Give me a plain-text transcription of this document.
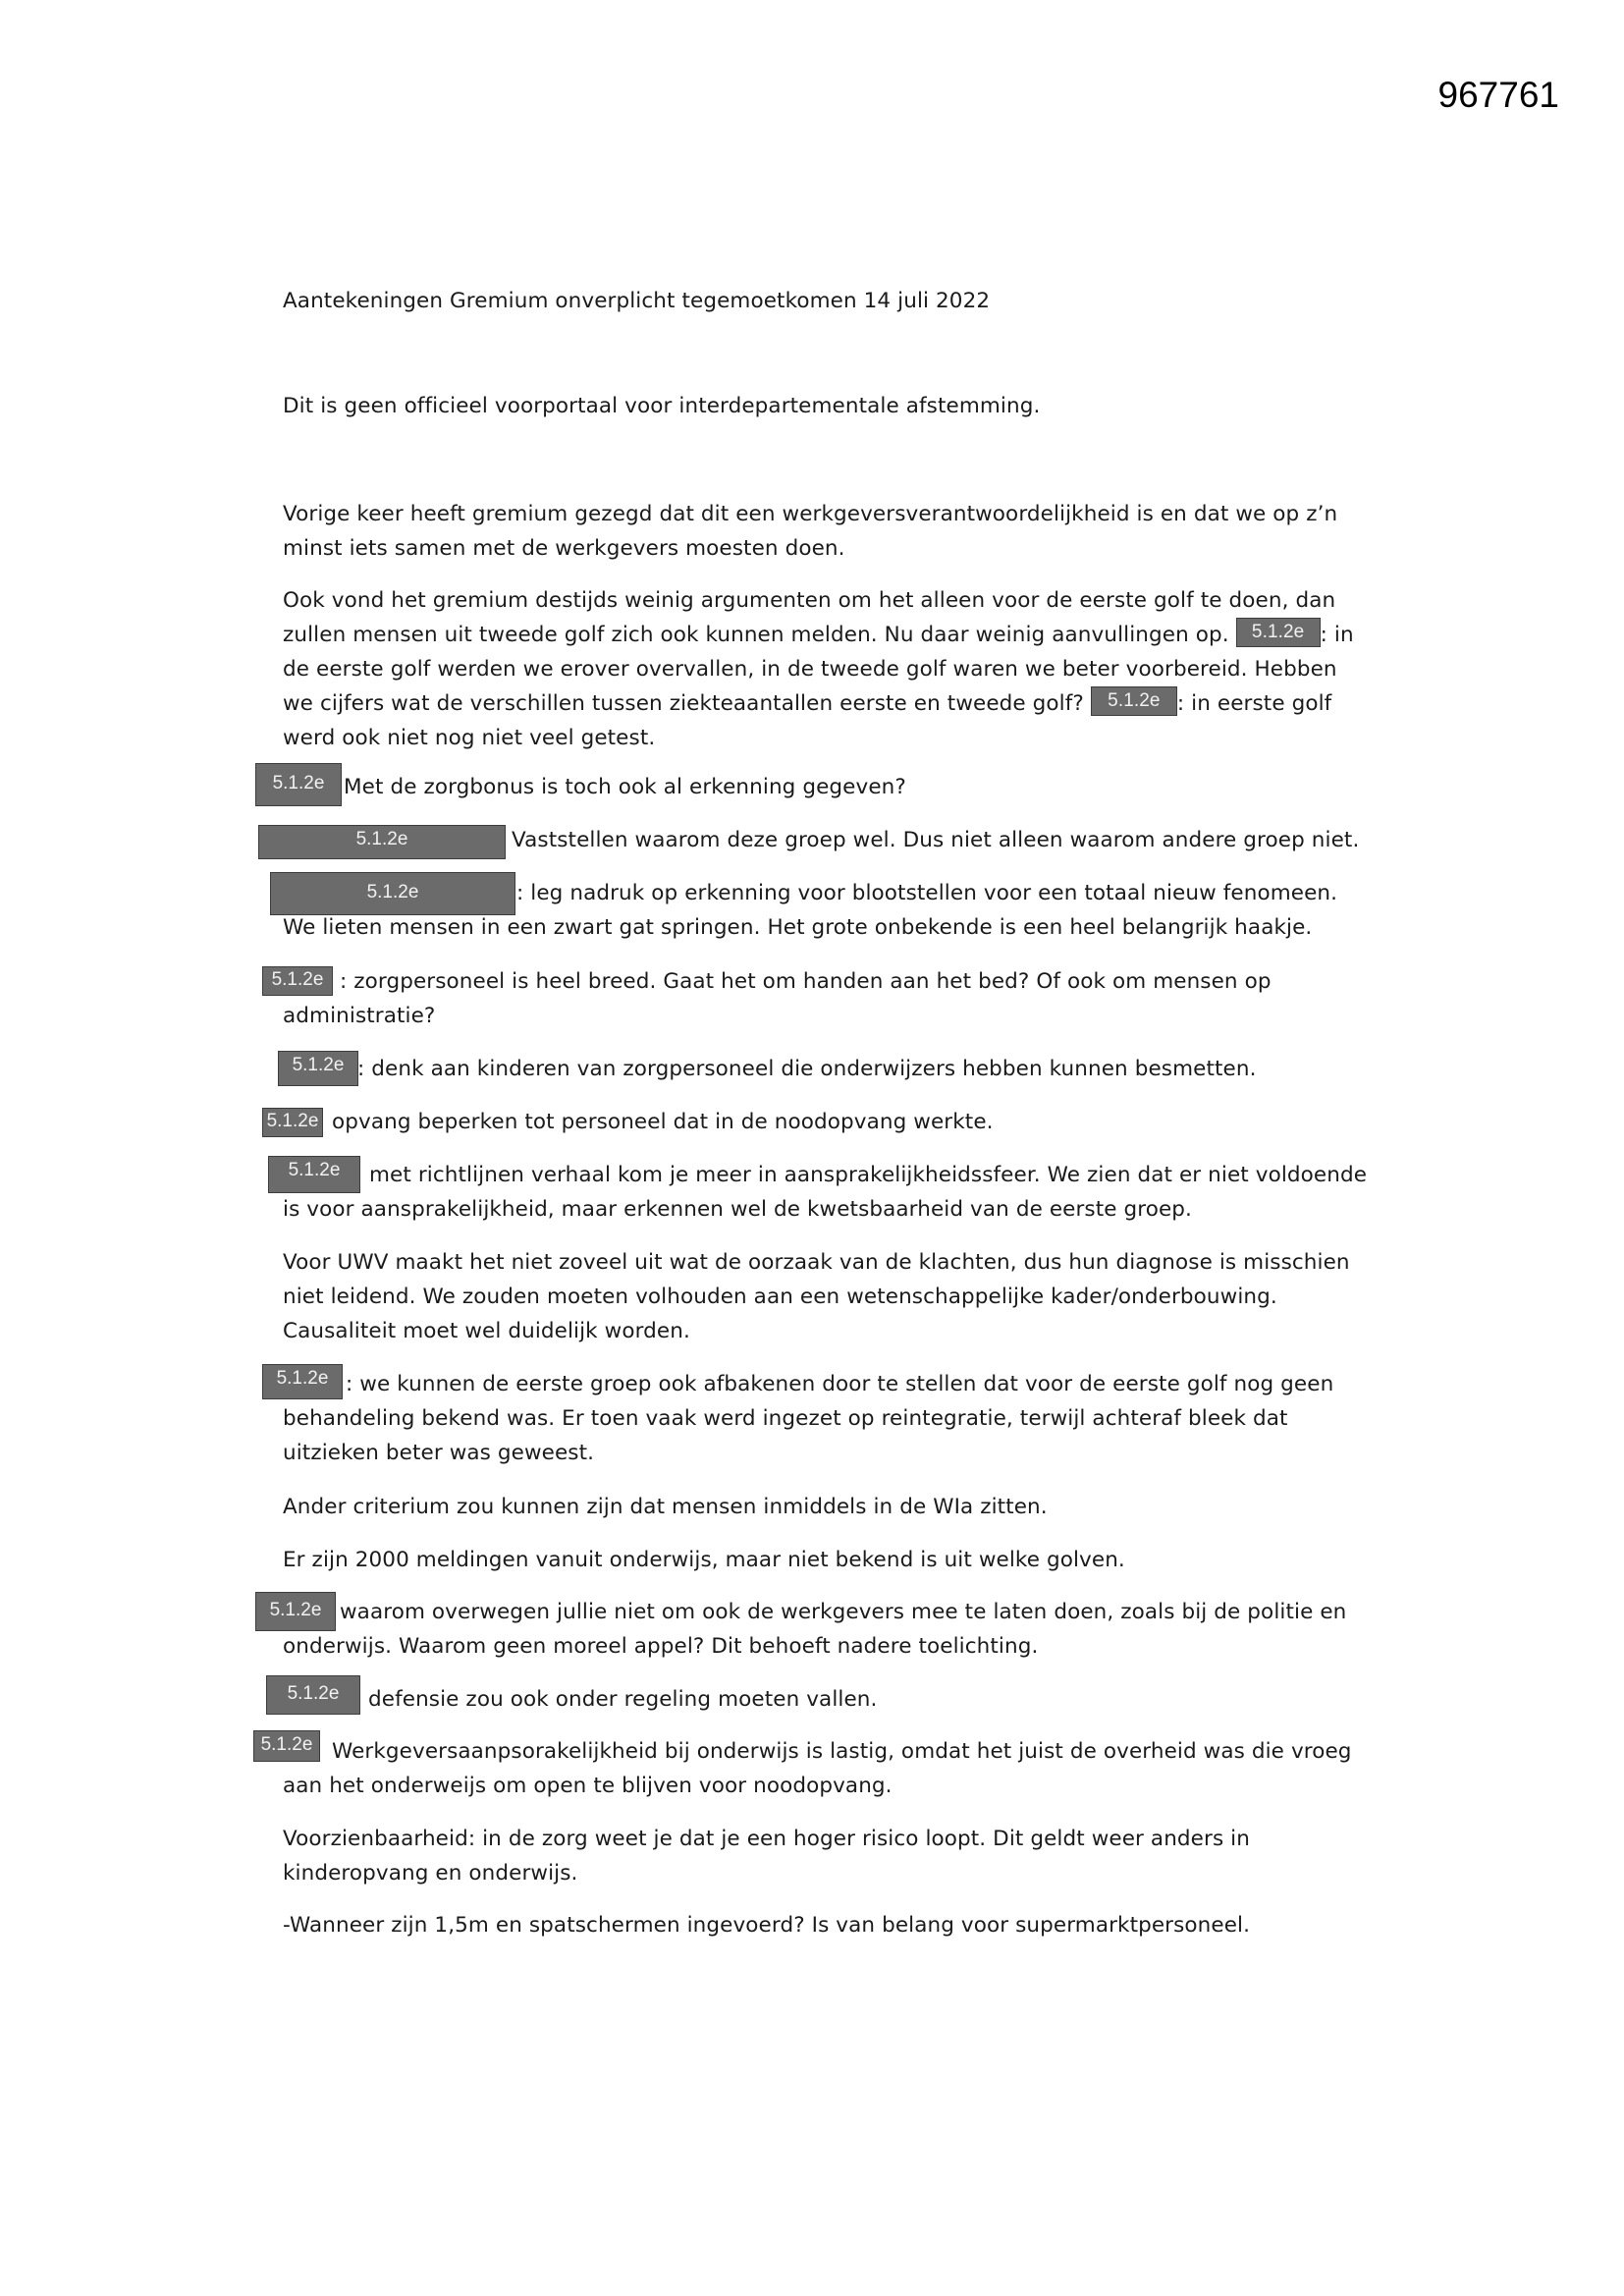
967761

Aantekeningen Gremium onverplicht tegemoetkomen 14 juli 2022

Dit is geen officieel voorportaal voor interdepartementale afstemming.

Vorige keer heeft gremium gezegd dat dit een werkgeversverantwoordelijkheid is en dat we op z’n minst iets samen met de werkgevers moesten doen.

Ook vond het gremium destijds weinig argumenten om het alleen voor de eerste golf te doen, dan zullen mensen uit tweede golf zich ook kunnen melden. Nu daar weinig aanvullingen op. 5.1.2e : in de eerste golf werden we erover overvallen, in de tweede golf waren we beter voorbereid. Hebben we cijfers wat de verschillen tussen ziekteaantallen eerste en tweede golf? 5.1.2e : in eerste golf werd ook niet nog niet veel getest.

5.1.2e Met de zorgbonus is toch ook al erkenning gegeven?

5.1.2e	Vaststellen waarom deze groep wel. Dus niet alleen waarom andere groep niet.

5.1.2e	: leg nadruk op erkenning voor blootstellen voor een totaal nieuw fenomeen. We lieten mensen in een zwart gat springen. Het grote onbekende is een heel belangrijk haakje.

5.1.2e : zorgpersoneel is heel breed. Gaat het om handen aan het bed? Of ook om mensen op administratie?

5.1.2e : denk aan kinderen van zorgpersoneel die onderwijzers hebben kunnen besmetten.

5.1.2e opvang beperken tot personeel dat in de noodopvang werkte.

5.1.2e	met richtlijnen verhaal kom je meer in aansprakelijkheidssfeer. We zien dat er niet voldoende is voor aansprakelijkheid, maar erkennen wel de kwetsbaarheid van de eerste groep.

Voor UWV maakt het niet zoveel uit wat de oorzaak van de klachten, dus hun diagnose is misschien niet leidend. We zouden moeten volhouden aan een wetenschappelijke kader/onderbouwing. Causaliteit moet wel duidelijk worden.

5.1.2e : we kunnen de eerste groep ook afbakenen door te stellen dat voor de eerste golf nog geen behandeling bekend was. Er toen vaak werd ingezet op reintegratie, terwijl achteraf bleek dat uitzieken beter was geweest.

Ander criterium zou kunnen zijn dat mensen inmiddels in de WIa zitten.

Er zijn 2000 meldingen vanuit onderwijs, maar niet bekend is uit welke golven.

5.1.2e waarom overwegen jullie niet om ook de werkgevers mee te laten doen, zoals bij de politie en onderwijs. Waarom geen moreel appel? Dit behoeft nadere toelichting.

5.1.2e	defensie zou ook onder regeling moeten vallen.

5.1.2e Werkgeversaanpsorakelijkheid bij onderwijs is lastig, omdat het juist de overheid was die vroeg aan het onderweijs om open te blijven voor noodopvang.

Voorzienbaarheid: in de zorg weet je dat je een hoger risico loopt. Dit geldt weer anders in kinderopvang en onderwijs.

-Wanneer zijn 1,5m en spatschermen ingevoerd? Is van belang voor supermarktpersoneel.
